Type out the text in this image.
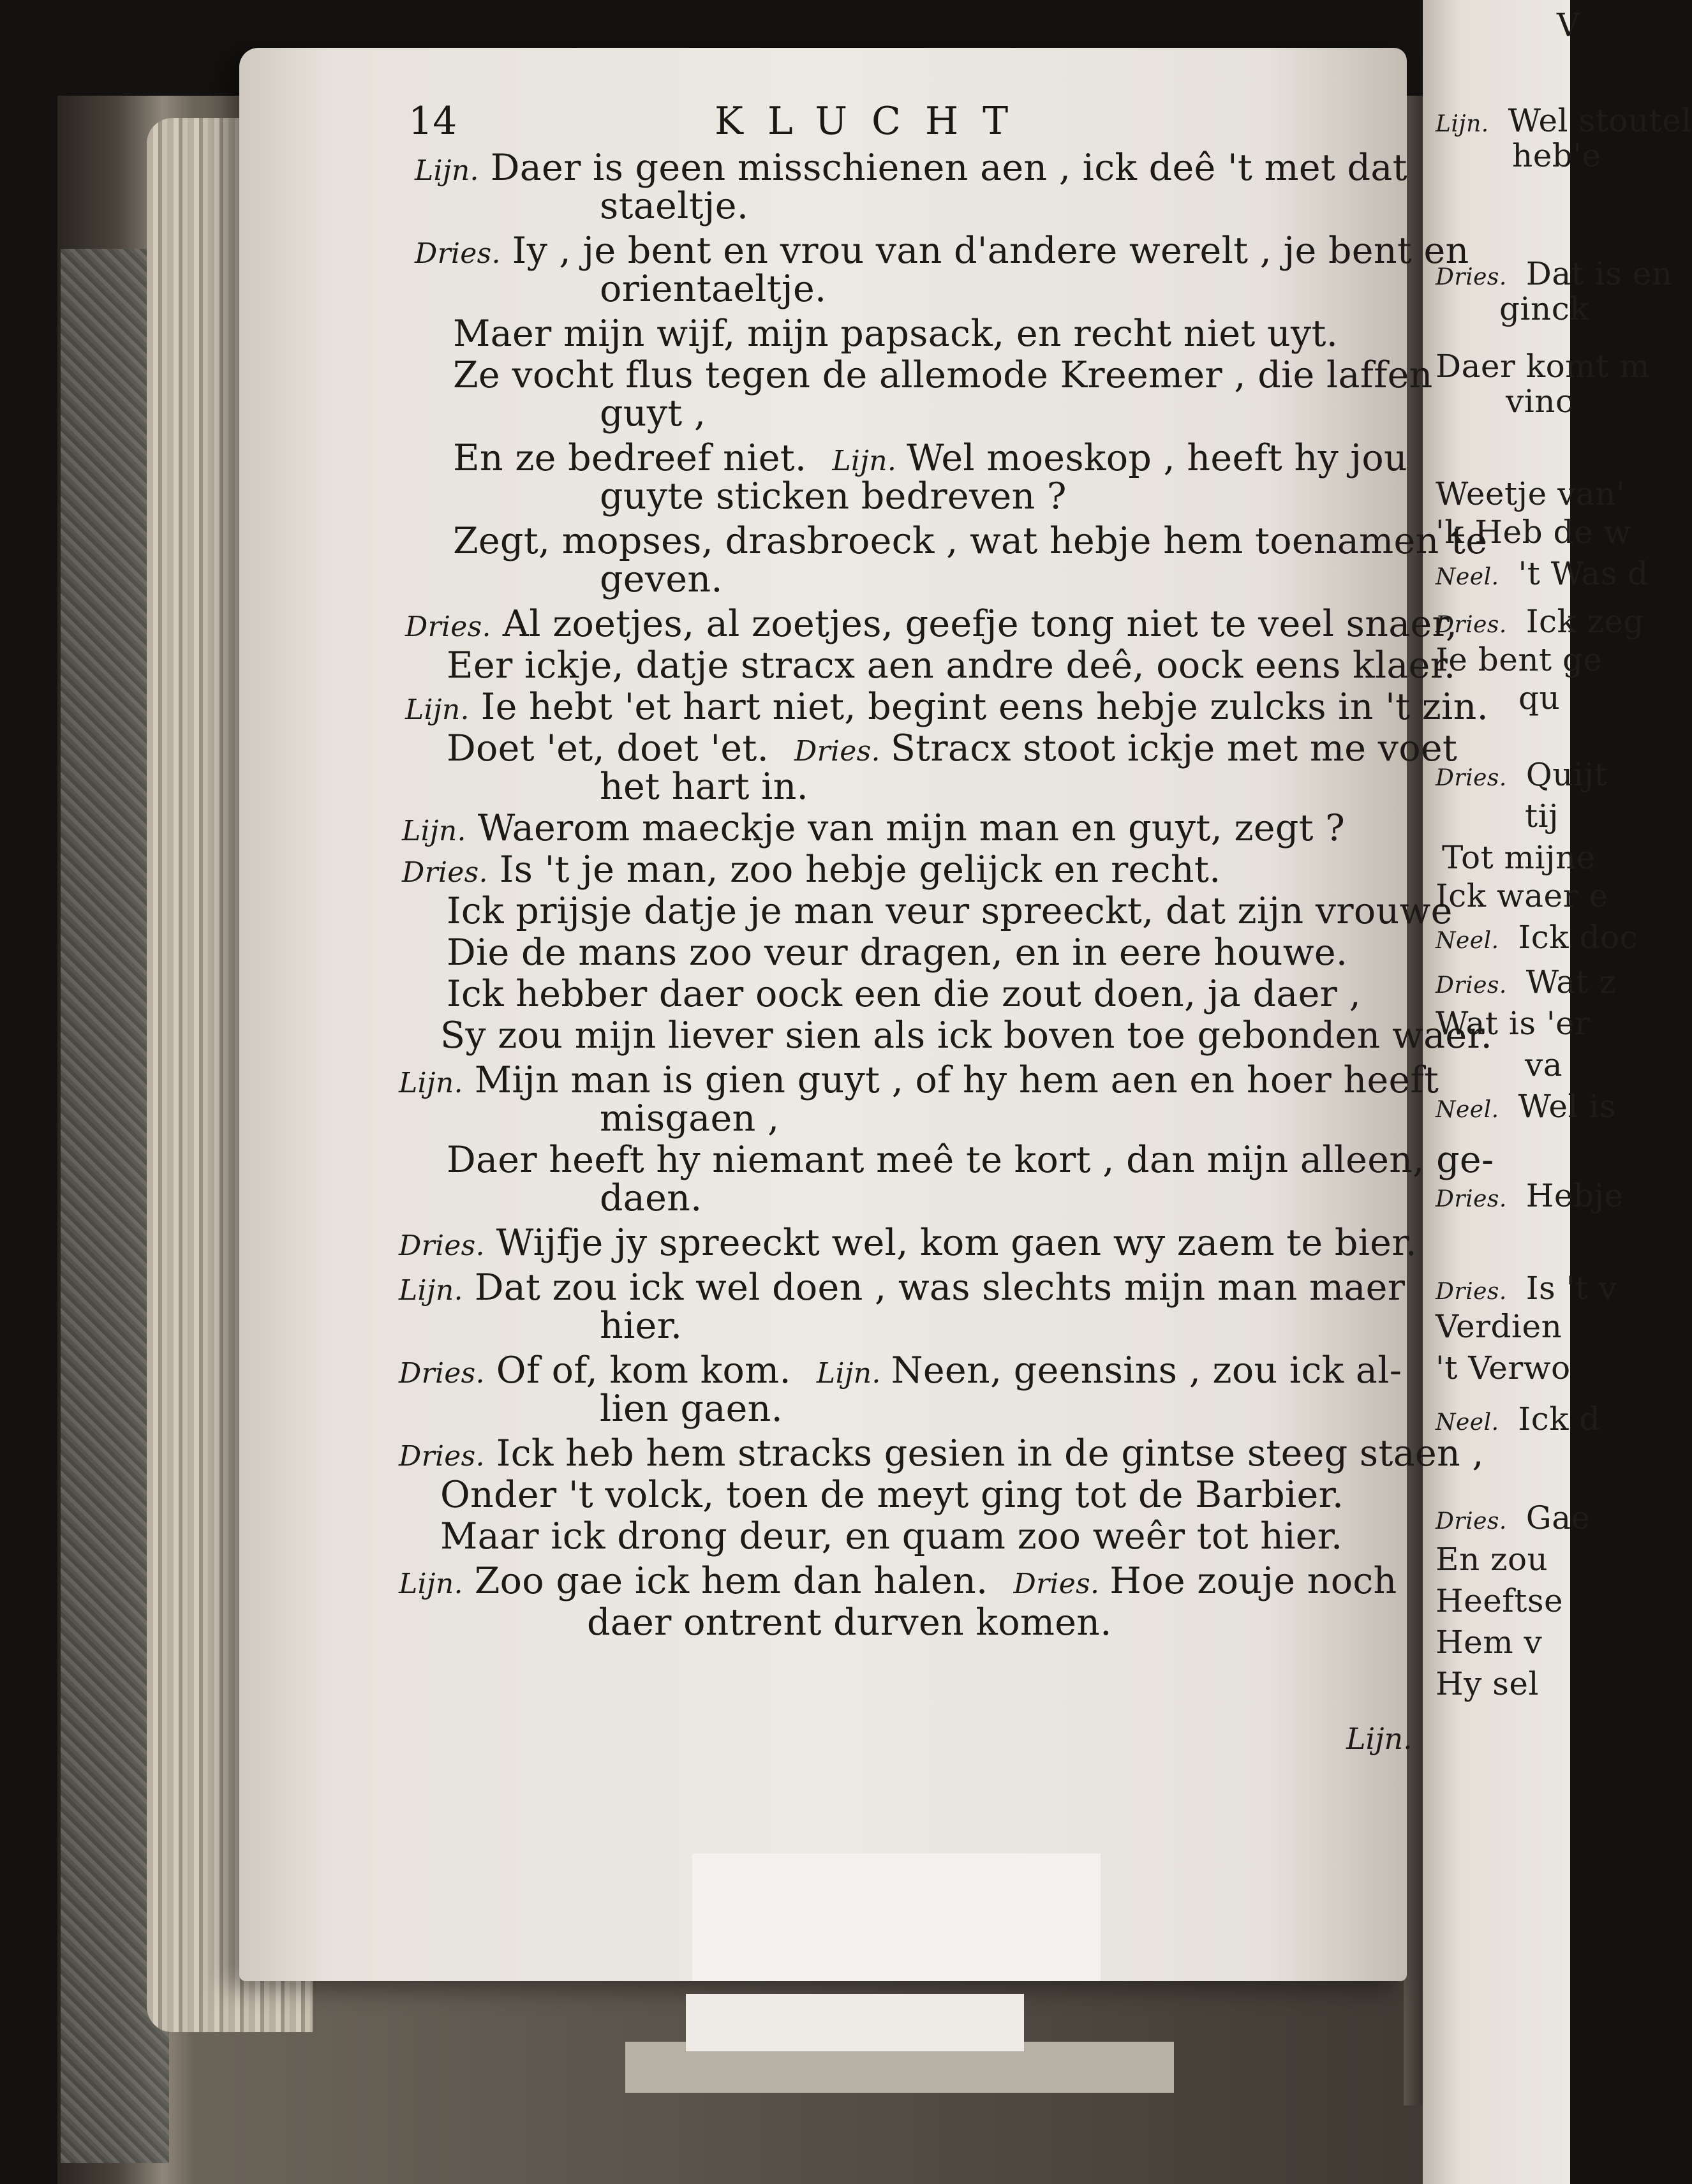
V
Lijn. Wel stoutel
heb'e
Dries. Dat is en
ginck
Daer komt m
vinc
Weetje van'
'k Heb de w
Neel. 't Was d
Dries. Ick zeg
Ie bent ge
qu
Dries. Quijt
tij
Tot mijne
Ick waer e
Neel. Ick doc
Dries. Wat z
Wat is 'er
va
Neel. Wel is
Dries. Hebje
Dries. Is 't v
Verdien
't Verwo
Neel. Ick d
Dries. Gae
En zou
Heeftse
Hem v
Hy sel
14	KLUCHT
Lijn. Daer is geen misschienen aen , ick deê 't met dat
staeltje.
Dries. Iy , je bent en vrou van d'andere werelt , je bent en
orientaeltje.
Maer mijn wijf, mijn papsack, en recht niet uyt.
Ze vocht flus tegen de allemode Kreemer , die laffen
guyt ,
En ze bedreef niet. Lijn. Wel moeskop , heeft hy jou
guyte sticken bedreven ?
Zegt, mopses, drasbroeck , wat hebje hem toenamen te
geven.
Dries. Al zoetjes, al zoetjes, geefje tong niet te veel snaer,
Eer ickje, datje stracx aen andre deê, oock eens klaer.
Lijn. Ie hebt 'et hart niet, begint eens hebje zulcks in 't zin.
Doet 'et, doet 'et. Dries. Stracx stoot ickje met me voet
het hart in.
Lijn. Waerom maeckje van mijn man en guyt, zegt ?
Dries. Is 't je man, zoo hebje gelijck en recht.
Ick prijsje datje je man veur spreeckt, dat zijn vrouwe
Die de mans zoo veur dragen, en in eere houwe.
Ick hebber daer oock een die zout doen, ja daer ,
Sy zou mijn liever sien als ick boven toe gebonden waer.
Lijn. Mijn man is gien guyt , of hy hem aen en hoer heeft
misgaen ,
Daer heeft hy niemant meê te kort , dan mijn alleen, ge-
daen.
Dries. Wijfje jy spreeckt wel, kom gaen wy zaem te bier.
Lijn. Dat zou ick wel doen , was slechts mijn man maer
hier.
Dries. Of of, kom kom. Lijn. Neen, geensins , zou ick al-
lien gaen.
Dries. Ick heb hem stracks gesien in de gintse steeg staen ,
Onder 't volck, toen de meyt ging tot de Barbier.
Maar ick drong deur, en quam zoo weêr tot hier.
Lijn. Zoo gae ick hem dan halen. Dries. Hoe zouje noch
daer ontrent durven komen.
Lijn.
